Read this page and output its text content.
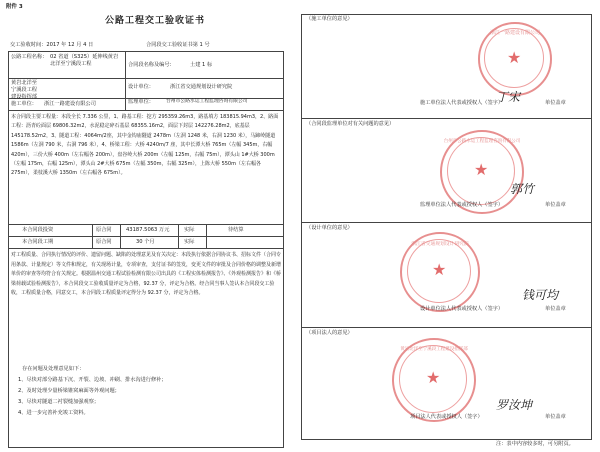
附件 3
公路工程交工验收证书
交工验收时间：2017 年 12 月 4 日	合同段交工验收证书第 1 号
公路工程名称： 02 省道（S325）延伸线黄岩北洋至宁溪段工程	合同段名称及编号：	土建 1 标
黄岩北洋至宁溪段工程建设指挥部
设计单位：	浙江省交通规划设计研究院
施工单位： 浙江一路建设有限公司	监理单位：	台州市公路水运工程监理咨询有限公司
本合同段主要工程量：本段全长 7.336 公里，1、路基工程：挖方 295359.26m3，路基填方 183815.94m3，2、路面工程：沥青砼面层 69806.32m2，水泥稳定碎石基层 68355.16m2，面层下封层 142276.28m2，底基层 145178.52m2，3、隧道工程：4064m/2座，其中金钩庙隧道 2478m（左洞 1248 米，右洞 1230 米），马蹄岭隧道 1586m（左洞 790 米，右洞 796 米），4、桥梁工程：大桥 4240m/7 座，其中长潭大桥 765m（左幅 345m，右幅 420m），三份大桥 400m（左右幅各 200m），盘谷岭大桥 200m（左幅 125m，右幅 75m），潭头山 1#大桥 300m（左幅 175m，右幅 125m），潭头山 2#大桥 675m（左幅 350m，右幅 325m），上陈大桥 550m（左右幅各 275m），柔枝溪大桥 1350m（左右幅各 675m）。
本合同段投资	原合同	43187.5063 万元	实际	待结算
本合同段工期	原合同	30 个月	实际
对工程质量、合同执行情况的评价、遗留问题、缺陷的处理意见及有关决定：本段执行依据合同协议书、招标文件（合同专用条款、计量规定）等文件和规定，有关现场计量，专项审查，支付证书的签发，变更文件的审批及合同价格的调整及新增单价的审查等均符合有关规定。根据温州交通工程试验检测有限公司出具的《工程实体检测报告》、《外观检测报告》和《桥梁荷载试验检测报告》，本合同段交工验收质量评定为合格，92.37 分，评定为合格。经合同当事人签认本合同段交工验收，工程质量合格，同意交工，本合同段工程质量评定得分为 92.37 分，评定为合格。
存在问题及处理意见如下：
1、尽快对部分路基下沉、开裂、边坡、冲刷、排水沟进行修补；
2、及时处理少量桥梁锥窝麻面等外观问题；
3、尽快对隧道二衬裂缝加强观察；
4、进一步完善补充竣工资料。
（施工单位的意见）
★
浙江一路建设有限公司
丁宋
施工单位法人代表或授权人（签字）	单位盖章
（合同段监理单位对有关问题的意见）
★
台州市公路水运工程监理咨询有限公司
郭竹
监理单位法人代表或授权人（签字）	单位盖章
（设计单位的意见）
★
浙江省交通规划设计研究院
钱可均
设计单位法人代表或授权人（签字）	单位盖章
（项目法人的意见）
★
黄岩北洋至宁溪段工程建设指挥部
罗汝坤
项目法人代表或授权人（签字）	单位盖章
注：表中内容较多时，可另附页。
